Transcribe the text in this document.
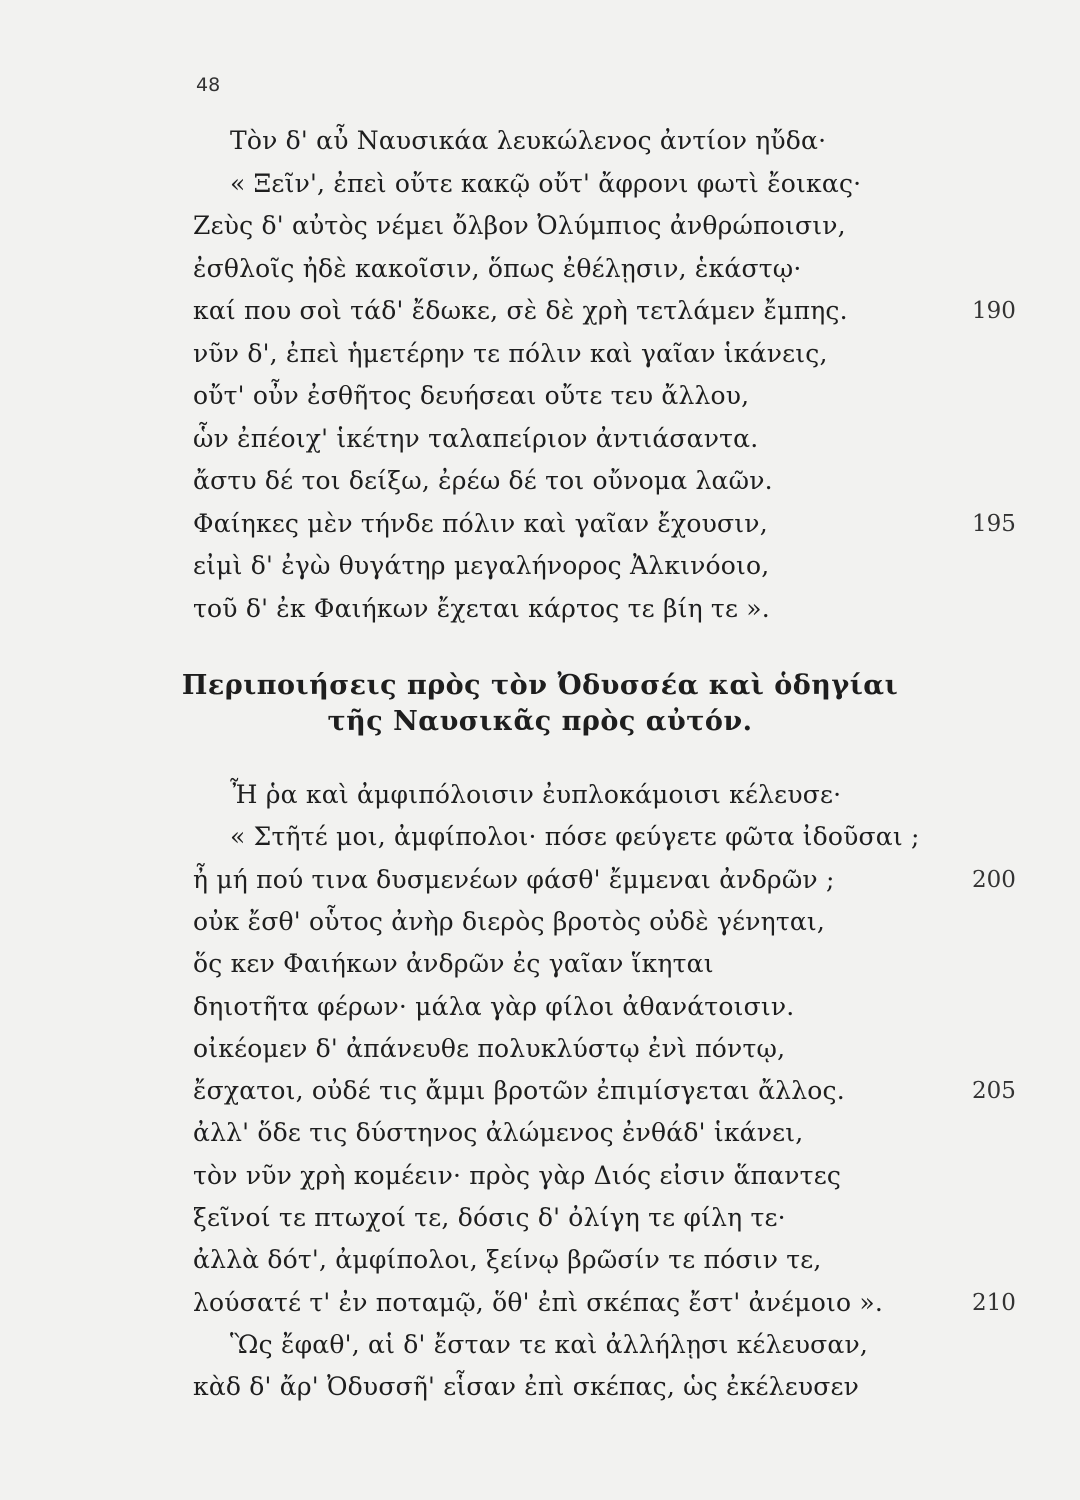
48
Τὸν δ' αὖ Ναυσικάα λευκώλενος ἀντίον ηὔδα·
« Ξεῖν', ἐπεὶ οὔτε κακῷ οὔτ' ἄφρονι φωτὶ ἔοικας·
Ζεὺς δ' αὐτὸς νέμει ὄλβον Ὀλύμπιος ἀνθρώποισιν,
ἐσθλοῖς ἠδὲ κακοῖσιν, ὅπως ἐθέλῃσιν, ἑκάστῳ·
καί που σοὶ τάδ' ἔδωκε, σὲ δὲ χρὴ τετλάμεν ἔμπης.	190
νῦν δ', ἐπεὶ ἡμετέρην τε πόλιν καὶ γαῖαν ἱκάνεις,
οὔτ' οὖν ἐσθῆτος δευήσεαι οὔτε τευ ἄλλου,
ὧν ἐπέοιχ' ἱκέτην ταλαπείριον ἀντιάσαντα.
ἄστυ δέ τοι δείξω, ἐρέω δέ τοι οὔνομα λαῶν.
Φαίηκες μὲν τήνδε πόλιν καὶ γαῖαν ἔχουσιν,	195
εἰμὶ δ' ἐγὼ θυγάτηρ μεγαλήνορος Ἀλκινόοιο,
τοῦ δ' ἐκ Φαιήκων ἔχεται κάρτος τε βίη τε ».
Περιποιήσεις πρὸς τὸν Ὀδυσσέα καὶ ὁδηγίαι
τῆς Ναυσικᾶς πρὸς αὐτόν.
Ἦ ῥα καὶ ἀμφιπόλοισιν ἐυπλοκάμοισι κέλευσε·
« Στῆτέ μοι, ἀμφίπολοι· πόσε φεύγετε φῶτα ἰδοῦσαι ;
ἦ μή πού τινα δυσμενέων φάσθ' ἔμμεναι ἀνδρῶν ;	200
οὐκ ἔσθ' οὗτος ἀνὴρ διερὸς βροτὸς οὐδὲ γένηται,
ὅς κεν Φαιήκων ἀνδρῶν ἐς γαῖαν ἵκηται
δηιοτῆτα φέρων· μάλα γὰρ φίλοι ἀθανάτοισιν.
οἰκέομεν δ' ἀπάνευθε πολυκλύστῳ ἐνὶ πόντῳ,
ἔσχατοι, οὐδέ τις ἄμμι βροτῶν ἐπιμίσγεται ἄλλος.	205
ἀλλ' ὅδε τις δύστηνος ἀλώμενος ἐνθάδ' ἱκάνει,
τὸν νῦν χρὴ κομέειν· πρὸς γὰρ Διός εἰσιν ἅπαντες
ξεῖνοί τε πτωχοί τε, δόσις δ' ὀλίγη τε φίλη τε·
ἀλλὰ δότ', ἀμφίπολοι, ξείνῳ βρῶσίν τε πόσιν τε,
λούσατέ τ' ἐν ποταμῷ, ὅθ' ἐπὶ σκέπας ἔστ' ἀνέμοιο ».	210
Ὣς ἔφαθ', αἱ δ' ἔσταν τε καὶ ἀλλήλῃσι κέλευσαν,
κὰδ δ' ἄρ' Ὀδυσσῆ' εἷσαν ἐπὶ σκέπας, ὡς ἐκέλευσεν
